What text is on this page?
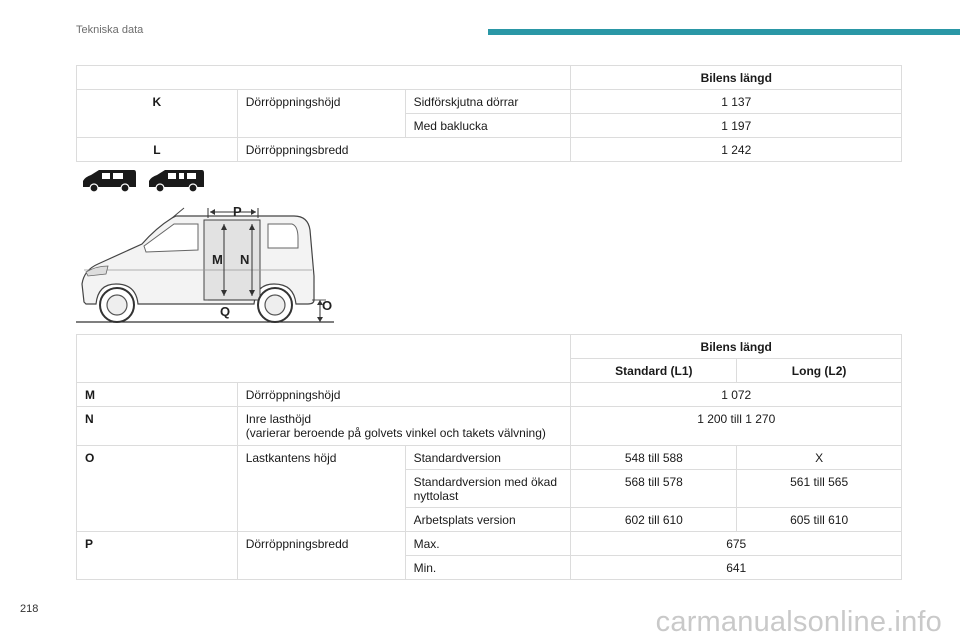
Tekniska data
			Bilens längd
K	Dörröppningshöjd	Sidförskjutna dörrar	1 137
		Med baklucka	1 197
L	Dörröppningsbredd		1 242
P
M N
Q	O
			Bilens längd	
			Standard (L1)	Long (L2)
M	Dörröppningshöjd		1 072	
N	Inre lasthöjd
(varierar beroende på golvets vinkel och takets välvning)		1 200 till 1 270	
O	Lastkantens höjd	Standardversion	548 till 588	X
		Standardversion med ökad nyttolast	568 till 578	561 till 565
		Arbetsplats version	602 till 610	605 till 610
P	Dörröppningsbredd	Max.	675	
		Min.	641	
218	carmanualsonline.info
